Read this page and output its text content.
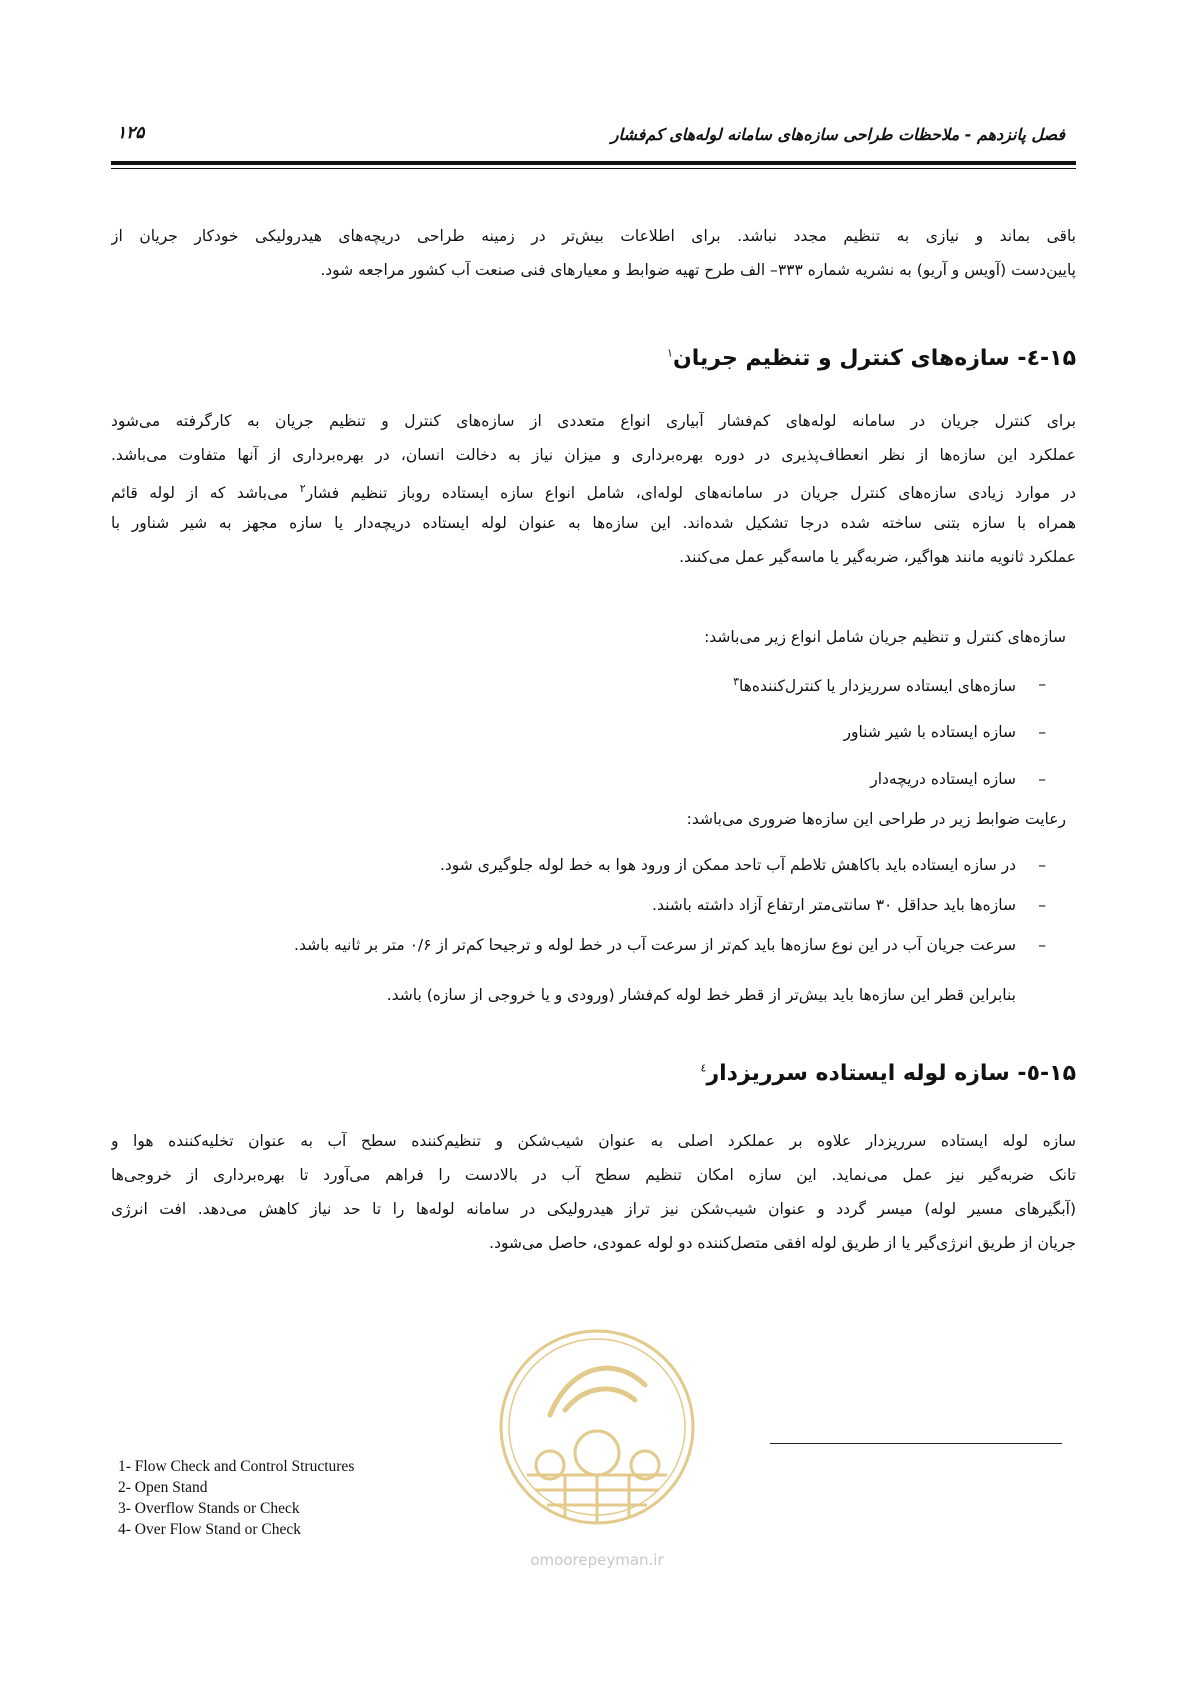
فصل پانزدهم - ملاحظات طراحی سازه‌های سامانه لوله‌های کم‌فشار
۱۲۵
باقی بماند و نیازی به تنظیم مجدد نباشد. برای اطلاعات بیش‌تر در زمینه طراحی دریچه‌های هیدرولیکی خودکار جریان از
پایین‌دست (آویس و آریو) به نشریه شماره ۳۳۳– الف طرح تهیه ضوابط و معیارهای فنی صنعت آب کشور مراجعه شود.
۱۵-٤- سازه‌های کنترل و تنظیم جریان$^۱$
برای کنترل جریان در سامانه لوله‌های کم‌فشار آبیاری انواع متعددی از سازه‌های کنترل و تنظیم جریان به کارگرفته می‌شود
عملکرد این سازه‌ها از نظر انعطاف‌پذیری در دوره بهره‌برداری و میزان نیاز به دخالت انسان، در بهره‌برداری از آنها متفاوت می‌باشد.
در موارد زیادی سازه‌های کنترل جریان در سامانه‌های لوله‌ای، شامل انواع سازه ایستاده روباز تنظیم فشار$^۲$ می‌باشد که از لوله قائم
همراه با سازه بتنی ساخته شده درجا تشکیل شده‌اند. این سازه‌ها به عنوان لوله ایستاده دریچه‌دار یا سازه مجهز به شیر شناور با
عملکرد ثانویه مانند هواگیر، ضربه‌گیر یا ماسه‌گیر عمل می‌کنند.
سازه‌های کنترل و تنظیم جریان شامل انواع زیر می‌باشد:
–
سازه‌های ایستاده سرریزدار یا کنترل‌کننده‌ها$^۳$
–
سازه ایستاده با شیر شناور
–
سازه ایستاده دریچه‌دار
رعایت ضوابط زیر در طراحی این سازه‌ها ضروری می‌باشد:
–
در سازه ایستاده باید باکاهش تلاطم آب تاحد ممکن از ورود هوا به خط لوله جلوگیری شود.
–
سازه‌ها باید حداقل ۳۰ سانتی‌متر ارتفاع آزاد داشته باشند.
–
سرعت جریان آب در این نوع سازه‌ها باید کم‌تر از سرعت آب در خط لوله و ترجیحا کم‌تر از ۰/۶ متر بر ثانیه باشد.
بنابراین قطر این سازه‌ها باید بیش‌تر از قطر خط لوله کم‌فشار (ورودی و یا خروجی از سازه) باشد.
۱۵-٥- سازه لوله ایستاده سرریزدار$^٤$
سازه لوله ایستاده سرریزدار علاوه بر عملکرد اصلی به عنوان شیب‌شکن و تنظیم‌کننده سطح آب به عنوان تخلیه‌کننده هوا و
تانک ضربه‌گیر نیز عمل می‌نماید. این سازه امکان تنظیم سطح آب در بالادست را فراهم می‌آورد تا بهره‌برداری از خروجی‌ها
(آبگیرهای مسیر لوله) میسر گردد و عنوان شیب‌شکن نیز تراز هیدرولیکی در سامانه لوله‌ها را تا حد نیاز کاهش می‌دهد. افت انرژی
جریان از طریق انرژی‌گیر یا از طریق لوله افقی متصل‌کننده دو لوله عمودی، حاصل می‌شود.
omoorepeyman.ir
1- Flow Check and Control Structures
2- Open Stand
3- Overflow Stands or Check
4- Over Flow Stand or Check
